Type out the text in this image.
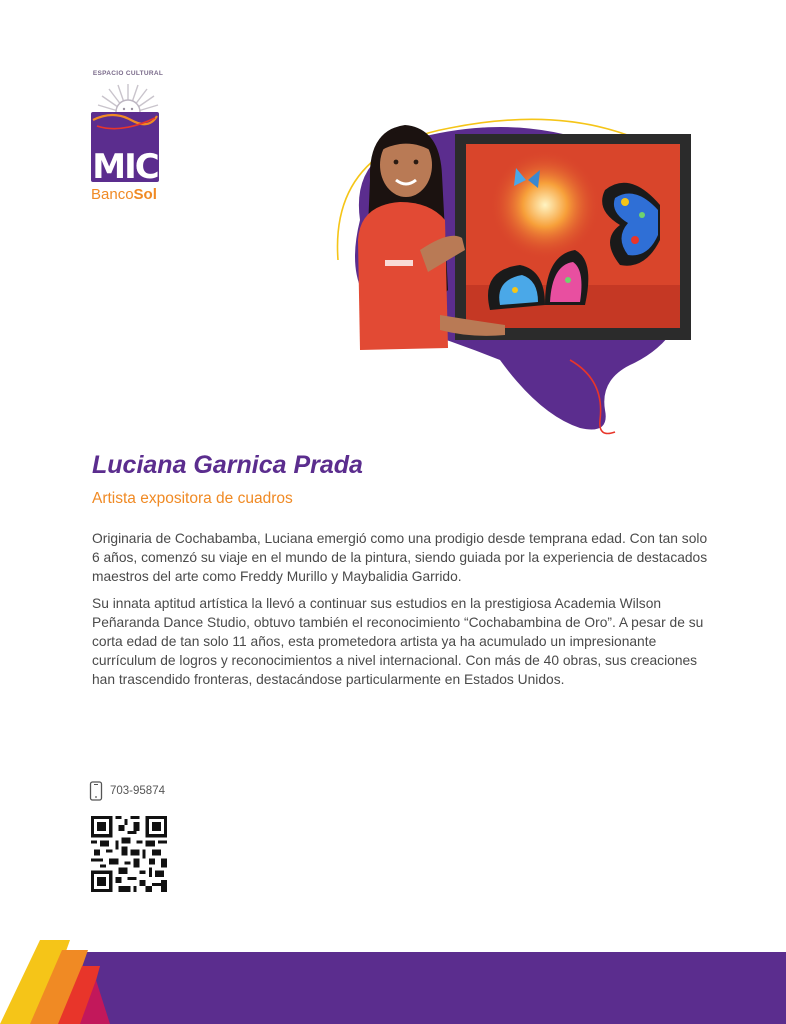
ESPACIO CULTURAL
MIC
BancoSol
Luciana Garnica Prada
Artista expositora de cuadros

Originaria de Cochabamba, Luciana emergió como una prodigio desde temprana edad. Con tan solo 6 años, comenzó su viaje en el mundo de la pintura, siendo guiada por la experiencia de destacados maestros del arte como Freddy Murillo y Maybalidia Garrido.

Su innata aptitud artística la llevó a continuar sus estudios en la prestigiosa Academia Wilson Peñaranda Dance Studio, obtuvo también el reconocimiento “Cochabambina de Oro”. A pesar de su corta edad de tan solo 11 años, esta prometedora artista ya ha acumulado un impresionante currículum de logros y reconocimientos a nivel internacional. Con más de 40 obras, sus creaciones han trascendido fronteras, destacándose particularmente en Estados Unidos.

703-95874
